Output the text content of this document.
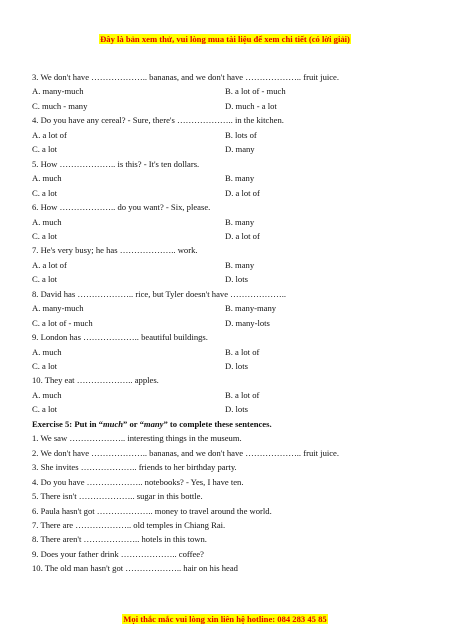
Đây là bản xem thử, vui lòng mua tài liệu để xem chi tiết (có lời giải)
3. We don't have ……………….. bananas, and we don't have ……………….. fruit juice.
A. many-much	B. a lot of - much
C. much - many	D. much - a lot
4. Do you have any cereal? - Sure, there's ……………….. in the kitchen.
A. a lot of	B. lots of
C. a lot	D. many
5. How ……………….. is this? - It's ten dollars.
A. much	B. many
C. a lot	D. a lot of
6. How ……………….. do you want? - Six, please.
A. much	B. many
C. a lot	D. a lot of
7. He's very busy; he has ……………….. work.
A. a lot of	B. many
C. a lot	D. lots
8. David has ……………….. rice, but Tyler doesn't have ………………..
A. many-much	B. many-many
C. a lot of - much	D. many-lots
9. London has ……………….. beautiful buildings.
A. much	B. a lot of
C. a lot	D. lots
10. They eat ……………….. apples.
A. much	B. a lot of
C. a lot	D. lots
Exercise 5: Put in “much” or “many” to complete these sentences.
1. We saw ……………….. interesting things in the museum.
2. We don't have ……………….. bananas, and we don't have ……………….. fruit juice.
3. She invites ……………….. friends to her birthday party.
4. Do you have ……………….. notebooks? - Yes, I have ten.
5. There isn't ……………….. sugar in this bottle.
6. Paula hasn't got ……………….. money to travel around the world.
7. There are ……………….. old temples in Chiang Rai.
8. There aren't ……………….. hotels in this town.
9. Does your father drink ……………….. coffee?
10. The old man hasn't got ……………….. hair on his head
Mọi thắc mắc vui lòng xin liên hệ hotline: 084 283 45 85
